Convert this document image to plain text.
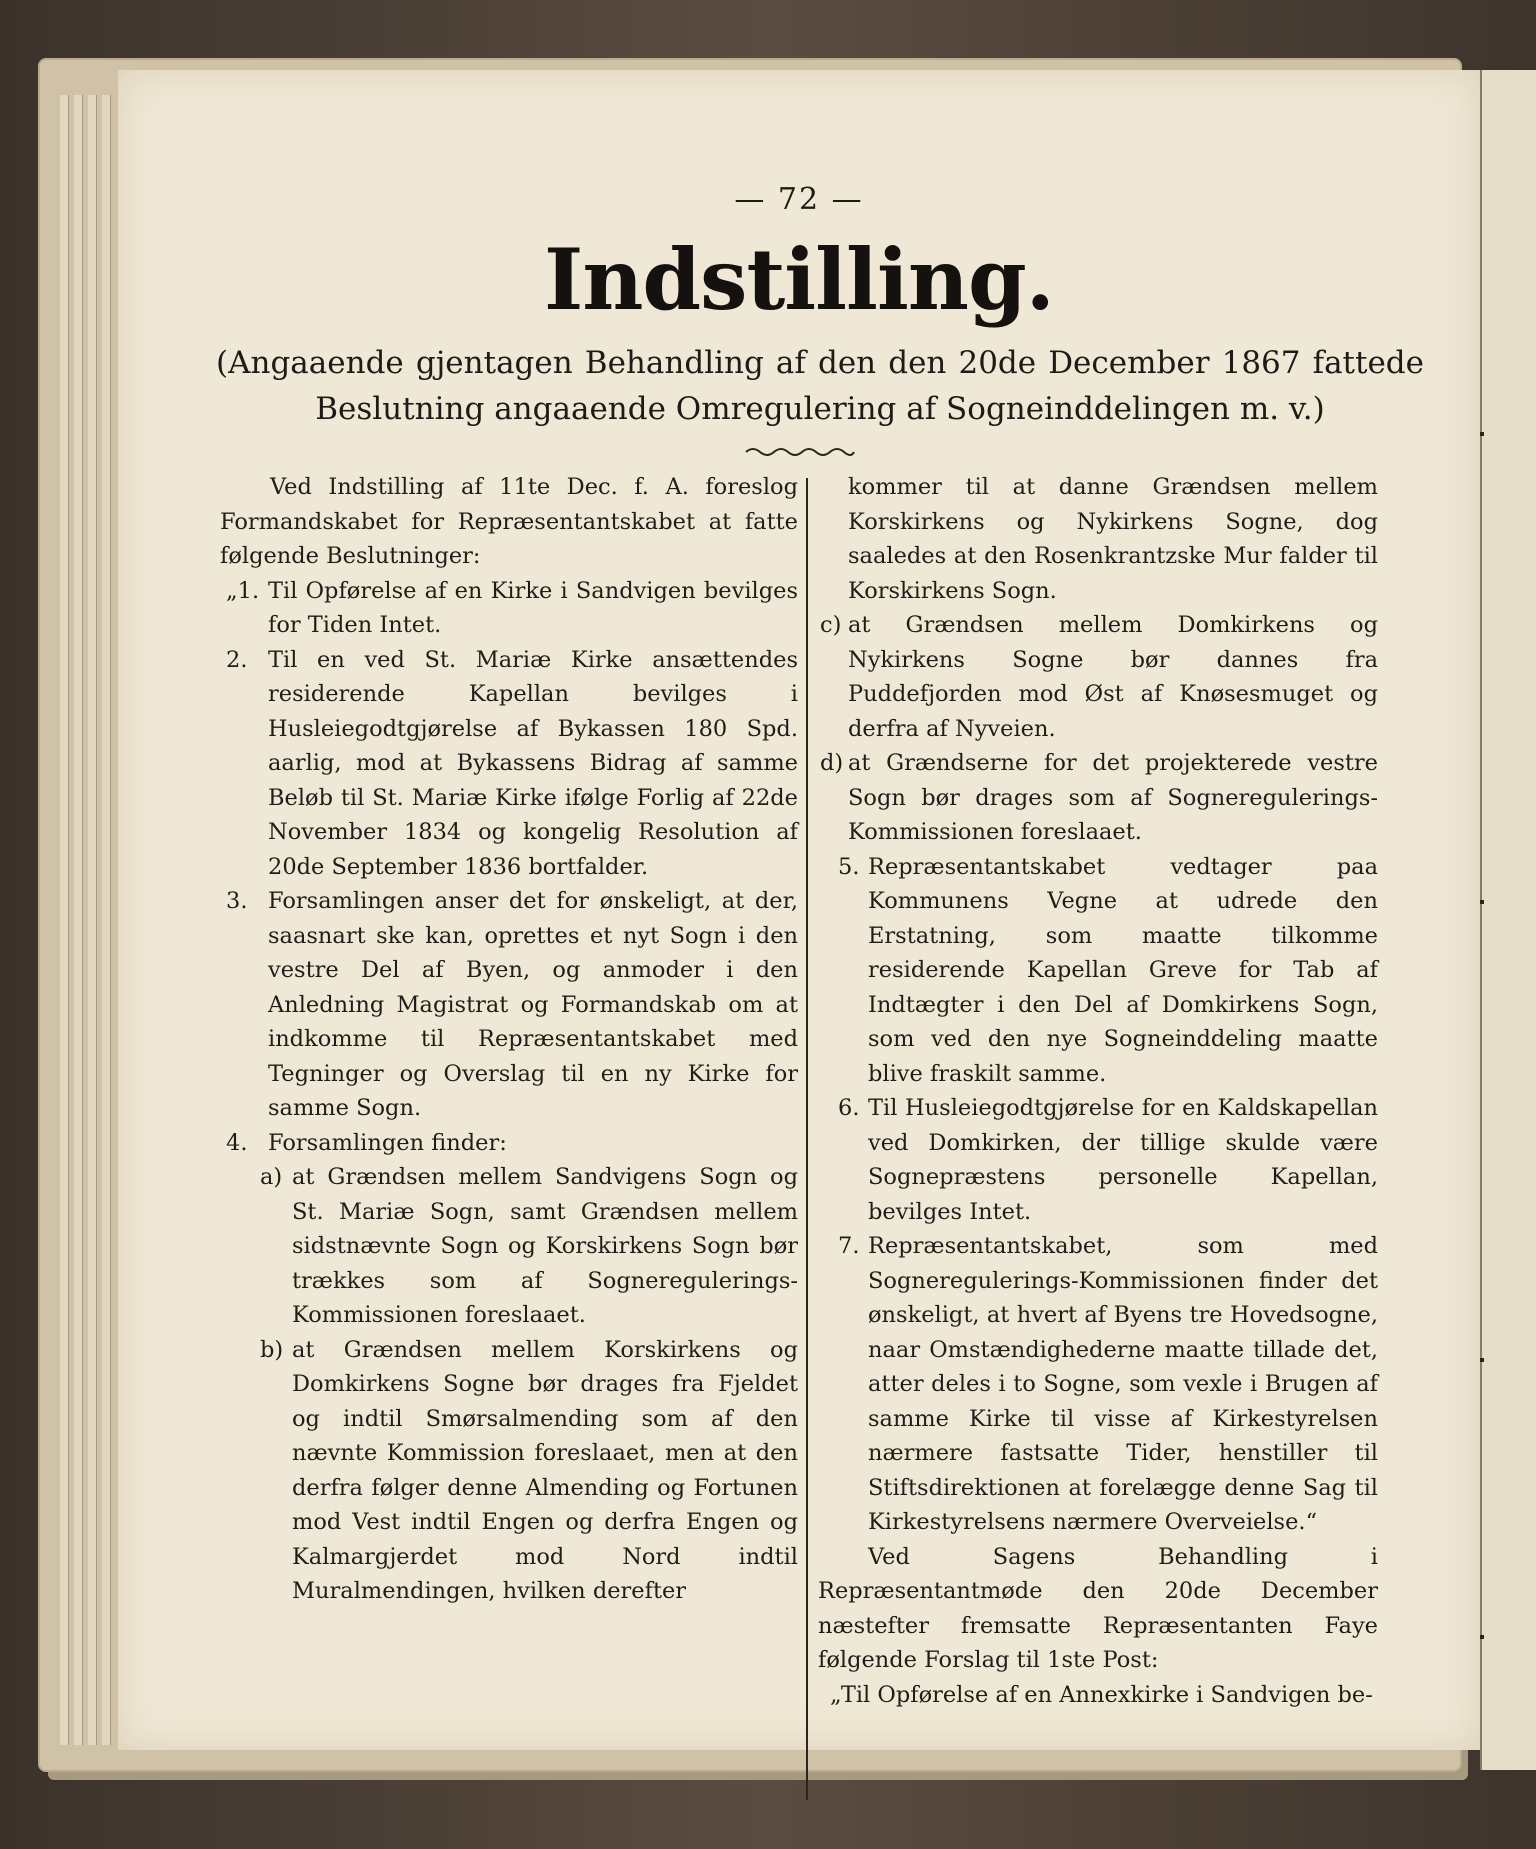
— 72 —
Indstilling.
(Angaaende gjentagen Behandling af den den 20de December 1867 fattede Beslutning angaaende Omregulering af Sogneinddelingen m. v.)

Ved Indstilling af 11te Dec. f. A. foreslog Formandskabet for Repræsentantskabet at fatte følgende Beslutninger:

„1. Til Opførelse af en Kirke i Sandvigen bevilges for Tiden Intet.

2. Til en ved St. Mariæ Kirke ansættendes residerende Kapellan bevilges i Husleiegodtgjørelse af Bykassen 180 Spd. aarlig, mod at Bykassens Bidrag af samme Beløb til St. Mariæ Kirke ifølge Forlig af 22de November 1834 og kongelig Resolution af 20de September 1836 bortfalder.

3. Forsamlingen anser det for ønskeligt, at der, saasnart ske kan, oprettes et nyt Sogn i den vestre Del af Byen, og anmoder i den Anledning Magistrat og Formandskab om at indkomme til Repræsentantskabet med Tegninger og Overslag til en ny Kirke for samme Sogn.

4. Forsamlingen finder:

a) at Grændsen mellem Sandvigens Sogn og St. Mariæ Sogn, samt Grændsen mellem sidstnævnte Sogn og Korskirkens Sogn bør trækkes som af Sogneregulerings-Kommissionen foreslaaet.

b) at Grændsen mellem Korskirkens og Domkirkens Sogne bør drages fra Fjeldet og indtil Smørsalmending som af den nævnte Kommission foreslaaet, men at den derfra følger denne Almending og Fortunen mod Vest indtil Engen og derfra Engen og Kalmargjerdet mod Nord indtil Muralmendingen, hvilken derefter

kommer til at danne Grændsen mellem Korskirkens og Nykirkens Sogne, dog saaledes at den Rosenkrantzske Mur falder til Korskirkens Sogn.

c) at Grændsen mellem Domkirkens og Nykirkens Sogne bør dannes fra Puddefjorden mod Øst af Knøsesmuget og derfra af Nyveien.

d) at Grændserne for det projekterede vestre Sogn bør drages som af Sogneregulerings-Kommissionen foreslaaet.

5. Repræsentantskabet vedtager paa Kommunens Vegne at udrede den Erstatning, som maatte tilkomme residerende Kapellan Greve for Tab af Indtægter i den Del af Domkirkens Sogn, som ved den nye Sogneinddeling maatte blive fraskilt samme.

6. Til Husleiegodtgjørelse for en Kaldskapellan ved Domkirken, der tillige skulde være Sognepræstens personelle Kapellan, bevilges Intet.

7. Repræsentantskabet, som med Sogneregulerings-Kommissionen finder det ønskeligt, at hvert af Byens tre Hovedsogne, naar Omstændighederne maatte tillade det, atter deles i to Sogne, som vexle i Brugen af samme Kirke til visse af Kirkestyrelsen nærmere fastsatte Tider, henstiller til Stiftsdirektionen at forelægge denne Sag til Kirkestyrelsens nærmere Overveielse.“

Ved Sagens Behandling i Repræsentantmøde den 20de December næstefter fremsatte Repræsentanten Faye følgende Forslag til 1ste Post:

„Til Opførelse af en Annexkirke i Sandvigen be-
